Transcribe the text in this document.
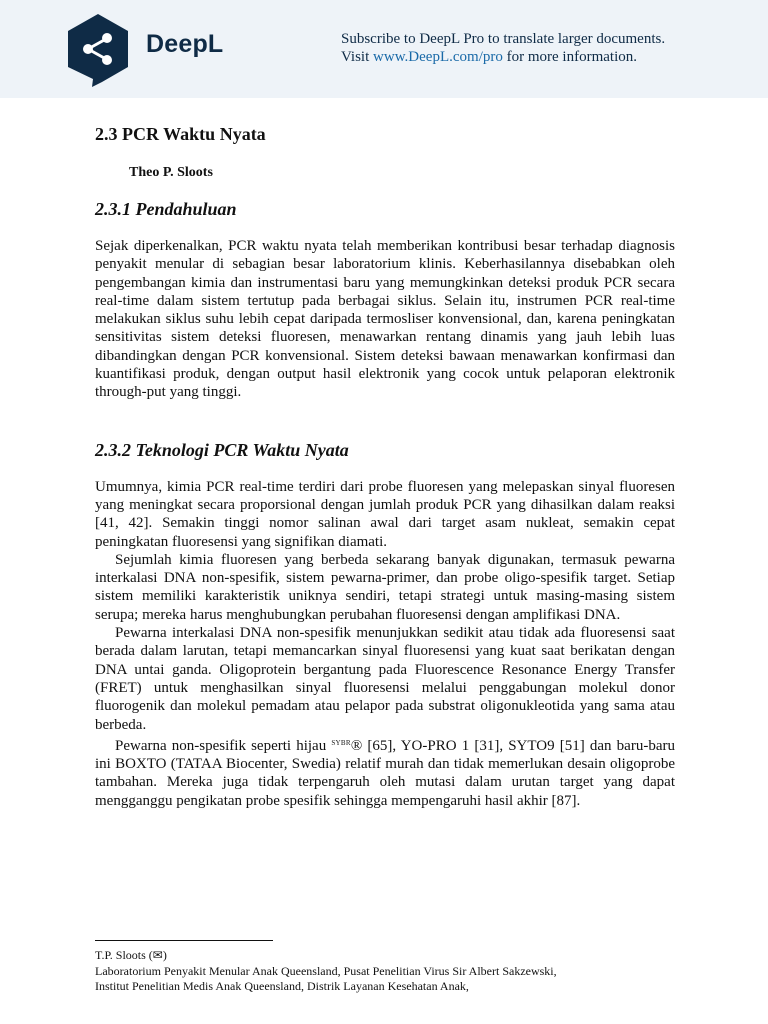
DeepL	Subscribe to DeepL Pro to translate larger documents.
Visit www.DeepL.com/pro for more information.
2.3 PCR Waktu Nyata
Theo P. Sloots
2.3.1 Pendahuluan

Sejak diperkenalkan, PCR waktu nyata telah memberikan kontribusi besar terhadap diagnosis penyakit menular di sebagian besar laboratorium klinis. Keberhasilannya disebabkan oleh pengembangan kimia dan instrumentasi baru yang memungkinkan deteksi produk PCR secara real-time dalam sistem tertutup pada berbagai siklus. Selain itu, instrumen PCR real-time melakukan siklus suhu lebih cepat daripada termosliser konvensional, dan, karena peningkatan sensitivitas sistem deteksi fluoresen, menawarkan rentang dinamis yang jauh lebih luas dibandingkan dengan PCR konvensional. Sistem deteksi bawaan menawarkan konfirmasi dan kuantifikasi produk, dengan output hasil elektronik yang cocok untuk pelaporan elektronik through-put yang tinggi.

2.3.2 Teknologi PCR Waktu Nyata

Umumnya, kimia PCR real-time terdiri dari probe fluoresen yang melepaskan sinyal fluoresen yang meningkat secara proporsional dengan jumlah produk PCR yang dihasilkan dalam reaksi [41, 42]. Semakin tinggi nomor salinan awal dari target asam nukleat, semakin cepat peningkatan fluoresensi yang signifikan diamati.

Sejumlah kimia fluoresen yang berbeda sekarang banyak digunakan, termasuk pewarna interkalasi DNA non-spesifik, sistem pewarna-primer, dan probe oligo-spesifik target. Setiap sistem memiliki karakteristik uniknya sendiri, tetapi strategi untuk masing-masing sistem serupa; mereka harus menghubungkan perubahan fluoresensi dengan amplifikasi DNA.

Pewarna interkalasi DNA non-spesifik menunjukkan sedikit atau tidak ada fluoresensi saat berada dalam larutan, tetapi memancarkan sinyal fluoresensi yang kuat saat berikatan dengan DNA untai ganda. Oligoprotein bergantung pada Fluorescence Resonance Energy Transfer (FRET) untuk menghasilkan sinyal fluoresensi melalui penggabungan molekul donor fluorogenik dan molekul pemadam atau pelapor pada substrat oligonukleotida yang sama atau berbeda.

Pewarna non-spesifik seperti hijau $^{SYBR}$® [65], YO-PRO 1 [31], SYTO9 [51] dan baru-baru ini BOXTO (TATAA Biocenter, Swedia) relatif murah dan tidak memerlukan desain oligoprobe tambahan. Mereka juga tidak terpengaruh oleh mutasi dalam urutan target yang dapat mengganggu pengikatan probe spesifik sehingga mempengaruhi hasil akhir [87].

T.P. Sloots (✉)
Laboratorium Penyakit Menular Anak Queensland, Pusat Penelitian Virus Sir Albert Sakzewski,
Institut Penelitian Medis Anak Queensland, Distrik Layanan Kesehatan Anak,
